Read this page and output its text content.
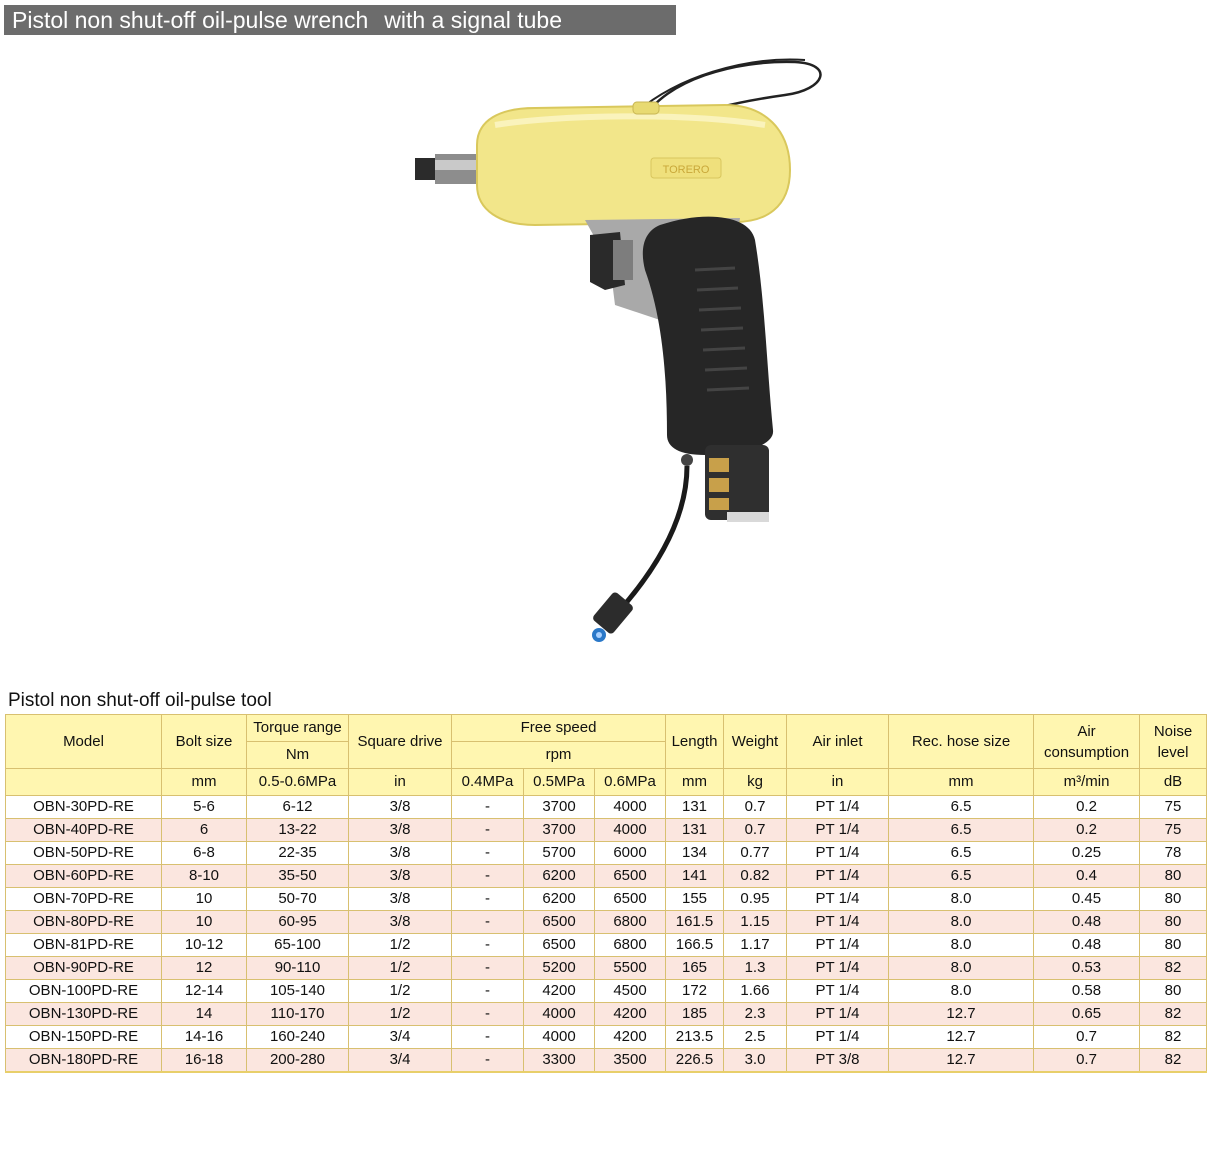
Pistol non shut-off oil-pulse wrench with a signal tube
TORERO
Pistol non shut-off oil-pulse tool
Model	Bolt size	Torque range	Square drive	Free speed			Length	Weight	Air inlet	Rec. hose size	Air consumption	Noise level
		Nm		rpm								
	mm	0.5-0.6MPa	in	0.4MPa	0.5MPa	0.6MPa	mm	kg	in	mm	m³/min	dB
OBN-30PD-RE	5-6	6-12	3/8	-	3700	4000	131	0.7	PT 1/4	6.5	0.2	75
OBN-40PD-RE	6	13-22	3/8	-	3700	4000	131	0.7	PT 1/4	6.5	0.2	75
OBN-50PD-RE	6-8	22-35	3/8	-	5700	6000	134	0.77	PT 1/4	6.5	0.25	78
OBN-60PD-RE	8-10	35-50	3/8	-	6200	6500	141	0.82	PT 1/4	6.5	0.4	80
OBN-70PD-RE	10	50-70	3/8	-	6200	6500	155	0.95	PT 1/4	8.0	0.45	80
OBN-80PD-RE	10	60-95	3/8	-	6500	6800	161.5	1.15	PT 1/4	8.0	0.48	80
OBN-81PD-RE	10-12	65-100	1/2	-	6500	6800	166.5	1.17	PT 1/4	8.0	0.48	80
OBN-90PD-RE	12	90-110	1/2	-	5200	5500	165	1.3	PT 1/4	8.0	0.53	82
OBN-100PD-RE	12-14	105-140	1/2	-	4200	4500	172	1.66	PT 1/4	8.0	0.58	80
OBN-130PD-RE	14	110-170	1/2	-	4000	4200	185	2.3	PT 1/4	12.7	0.65	82
OBN-150PD-RE	14-16	160-240	3/4	-	4000	4200	213.5	2.5	PT 1/4	12.7	0.7	82
OBN-180PD-RE	16-18	200-280	3/4	-	3300	3500	226.5	3.0	PT 3/8	12.7	0.7	82
